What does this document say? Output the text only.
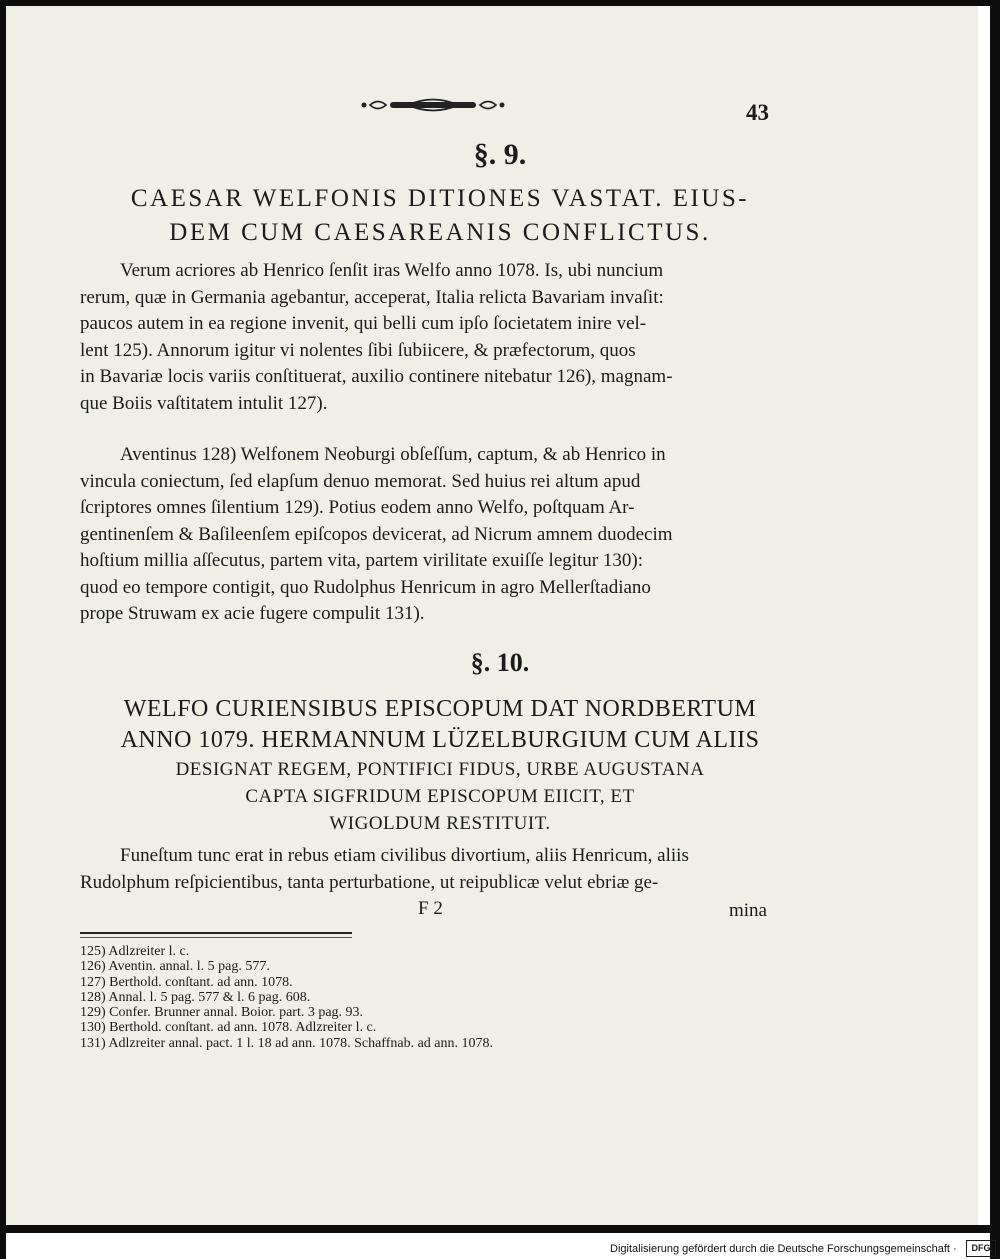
43
§. 9.
CAESAR WELFONIS DITIONES VASTAT. EIUS-
DEM CUM CAESAREANIS CONFLICTUS.
Verum acriores ab Henrico ſenſit iras Welfo anno 1078. Is, ubi nuncium
rerum, quæ in Germania agebantur, acceperat, Italia relicta Bavariam invaſit:
paucos autem in ea regione invenit, qui belli cum ipſo ſocietatem inire vel-
lent 125). Annorum igitur vi nolentes ſibi ſubiicere, & præfectorum, quos
in Bavariæ locis variis conſtituerat, auxilio continere nitebatur 126), magnam-
que Boiis vaſtitatem intulit 127).
Aventinus 128) Welfonem Neoburgi obſeſſum, captum, & ab Henrico in
vincula coniectum, ſed elapſum denuo memorat. Sed huius rei altum apud
ſcriptores omnes ſilentium 129). Potius eodem anno Welfo, poſtquam Ar-
gentinenſem & Baſileenſem epiſcopos devicerat, ad Nicrum amnem duodecim
hoſtium millia aſſecutus, partem vita, partem virilitate exuiſſe legitur 130):
quod eo tempore contigit, quo Rudolphus Henricum in agro Mellerſtadiano
prope Struwam ex acie fugere compulit 131).
§. 10.
WELFO CURIENSIBUS EPISCOPUM DAT NORDBERTUM
ANNO 1079. HERMANNUM LÜZELBURGIUM CUM ALIIS
DESIGNAT REGEM, PONTIFICI FIDUS, URBE AUGUSTANA
CAPTA SIGFRIDUM EPISCOPUM EIICIT, ET
WIGOLDUM RESTITUIT.
Funeſtum tunc erat in rebus etiam civilibus divortium, aliis Henricum, aliis
Rudolphum reſpicientibus, tanta perturbatione, ut reipublicæ velut ebriæ ge-
F 2	mina
125) Adlzreiter l. c.
126) Aventin. annal. l. 5 pag. 577.
127) Berthold. conſtant. ad ann. 1078.
128) Annal. l. 5 pag. 577 & l. 6 pag. 608.
129) Confer. Brunner annal. Boior. part. 3 pag. 93.
130) Berthold. conſtant. ad ann. 1078. Adlzreiter l. c.
131) Adlzreiter annal. pact. 1 l. 18 ad ann. 1078. Schaffnab. ad ann. 1078.
Digitalisierung gefördert durch die Deutsche Forschungsgemeinschaft ·	DFG
